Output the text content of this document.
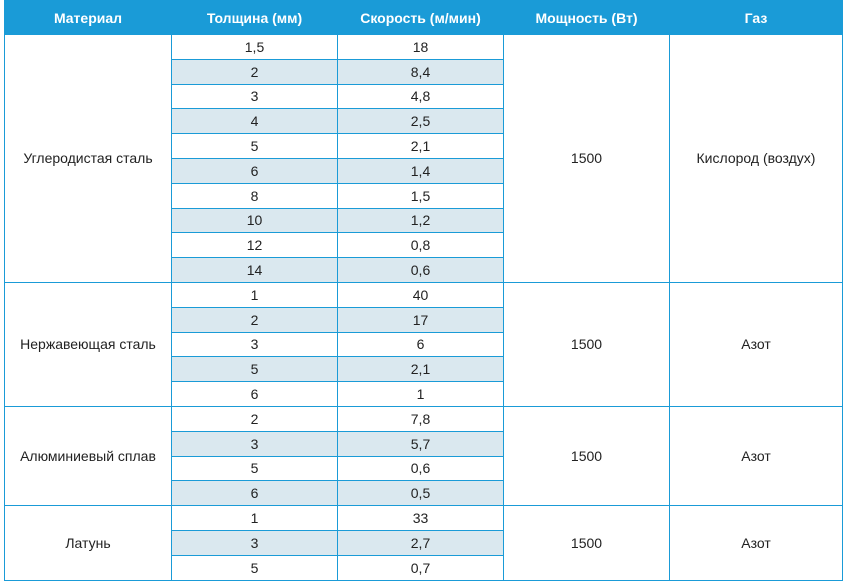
Материал	Толщина (мм)	Скорость (м/мин)	Мощность (Вт)	Газ
Углеродистая сталь	1,5	18	1500	Кислород (воздух)
	2	8,4		
	3	4,8		
	4	2,5		
	5	2,1		
	6	1,4		
	8	1,5		
	10	1,2		
	12	0,8		
	14	0,6		
Нержавеющая сталь	1	40	1500	Азот
	2	17		
	3	6		
	5	2,1		
	6	1		
Алюминиевый сплав	2	7,8	1500	Азот
	3	5,7		
	5	0,6		
	6	0,5		
Латунь	1	33	1500	Азот
	3	2,7		
	5	0,7		
